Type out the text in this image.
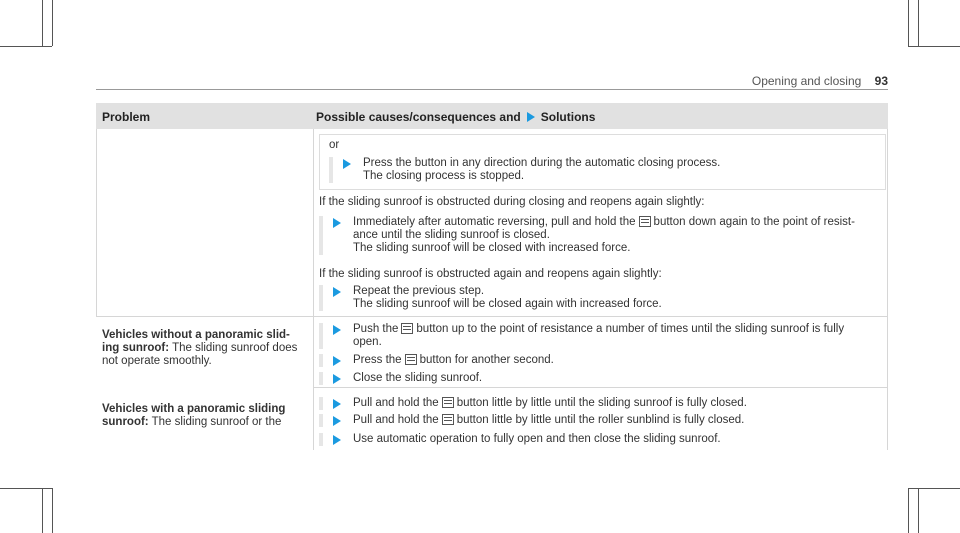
Opening and closing 93
Problem	Possible causes/consequences and Solutions
or
Press the button in any direction during the automatic closing process.
The closing process is stopped.
If the sliding sunroof is obstructed during closing and reopens again slightly:
Immediately after automatic reversing, pull and hold the button down again to the point of resist-
ance until the sliding sunroof is closed.
The sliding sunroof will be closed with increased force.
If the sliding sunroof is obstructed again and reopens again slightly:
Repeat the previous step.
The sliding sunroof will be closed again with increased force.
Vehicles without a panoramic slid-
ing sunroof: The sliding sunroof does
not operate smoothly.
Push the button up to the point of resistance a number of times until the sliding sunroof is fully
open.
Press the button for another second.
Close the sliding sunroof.
Vehicles with a panoramic sliding
sunroof: The sliding sunroof or the
Pull and hold the button little by little until the sliding sunroof is fully closed.
Pull and hold the button little by little until the roller sunblind is fully closed.
Use automatic operation to fully open and then close the sliding sunroof.
